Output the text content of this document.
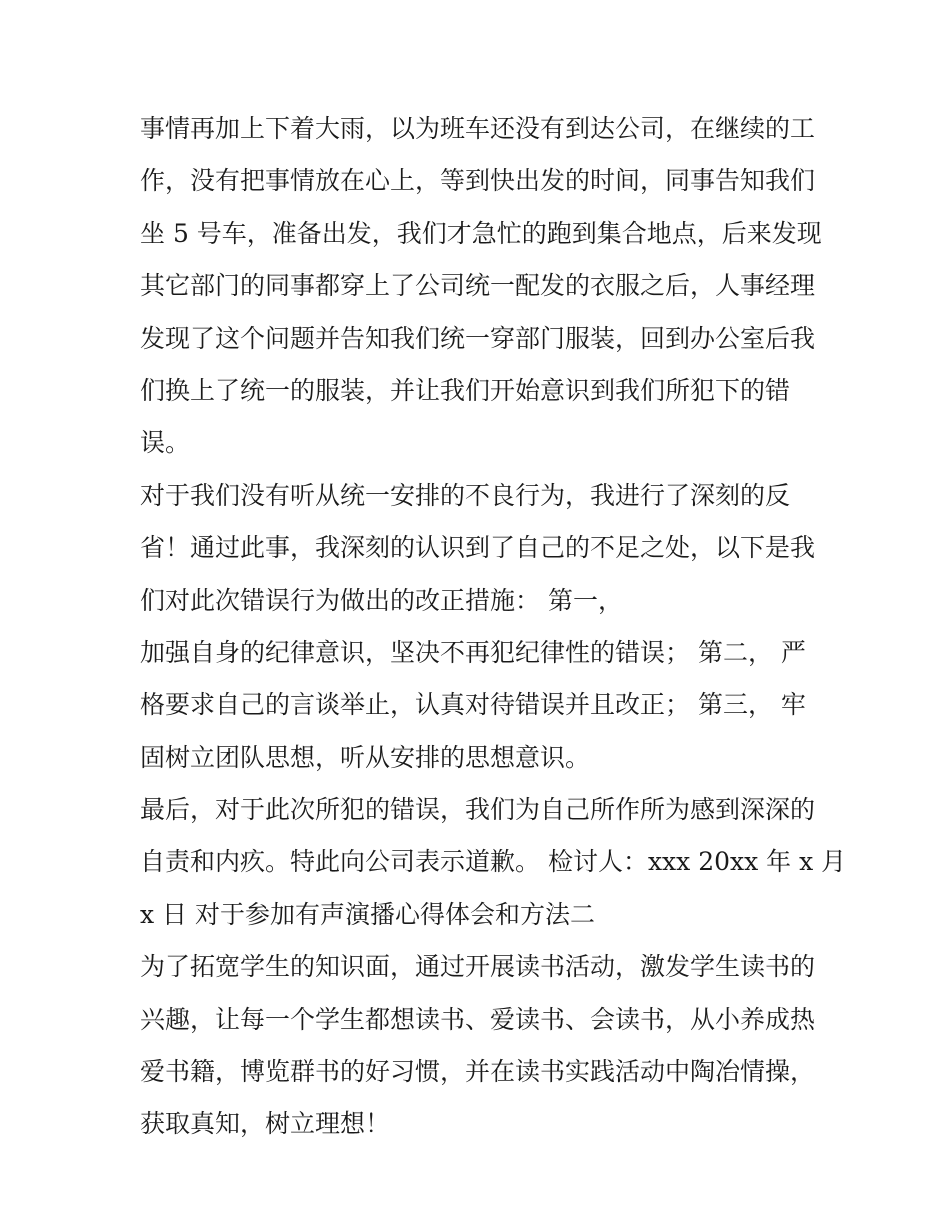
事情再加上下着大雨，以为班车还没有到达公司，在继续的工
作，没有把事情放在心上，等到快出发的时间，同事告知我们
坐 5 号车，准备出发，我们才急忙的跑到集合地点，后来发现
其它部门的同事都穿上了公司统一配发的衣服之后，人事经理
发现了这个问题并告知我们统一穿部门服装，回到办公室后我
们换上了统一的服装，并让我们开始意识到我们所犯下的错
误。
对于我们没有听从统一安排的不良行为，我进行了深刻的反
省！通过此事，我深刻的认识到了自己的不足之处，以下是我
们对此次错误行为做出的改正措施： 第一，
加强自身的纪律意识，坚决不再犯纪律性的错误； 第二， 严
格要求自己的言谈举止，认真对待错误并且改正； 第三， 牢
固树立团队思想，听从安排的思想意识。
最后，对于此次所犯的错误，我们为自己所作所为感到深深的
自责和内疚。特此向公司表示道歉。 检讨人：xxx 20xx 年 x 月
x 日 对于参加有声演播心得体会和方法二
为了拓宽学生的知识面，通过开展读书活动，激发学生读书的
兴趣，让每一个学生都想读书、爱读书、会读书，从小养成热
爱书籍，博览群书的好习惯，并在读书实践活动中陶冶情操，
获取真知，树立理想！
